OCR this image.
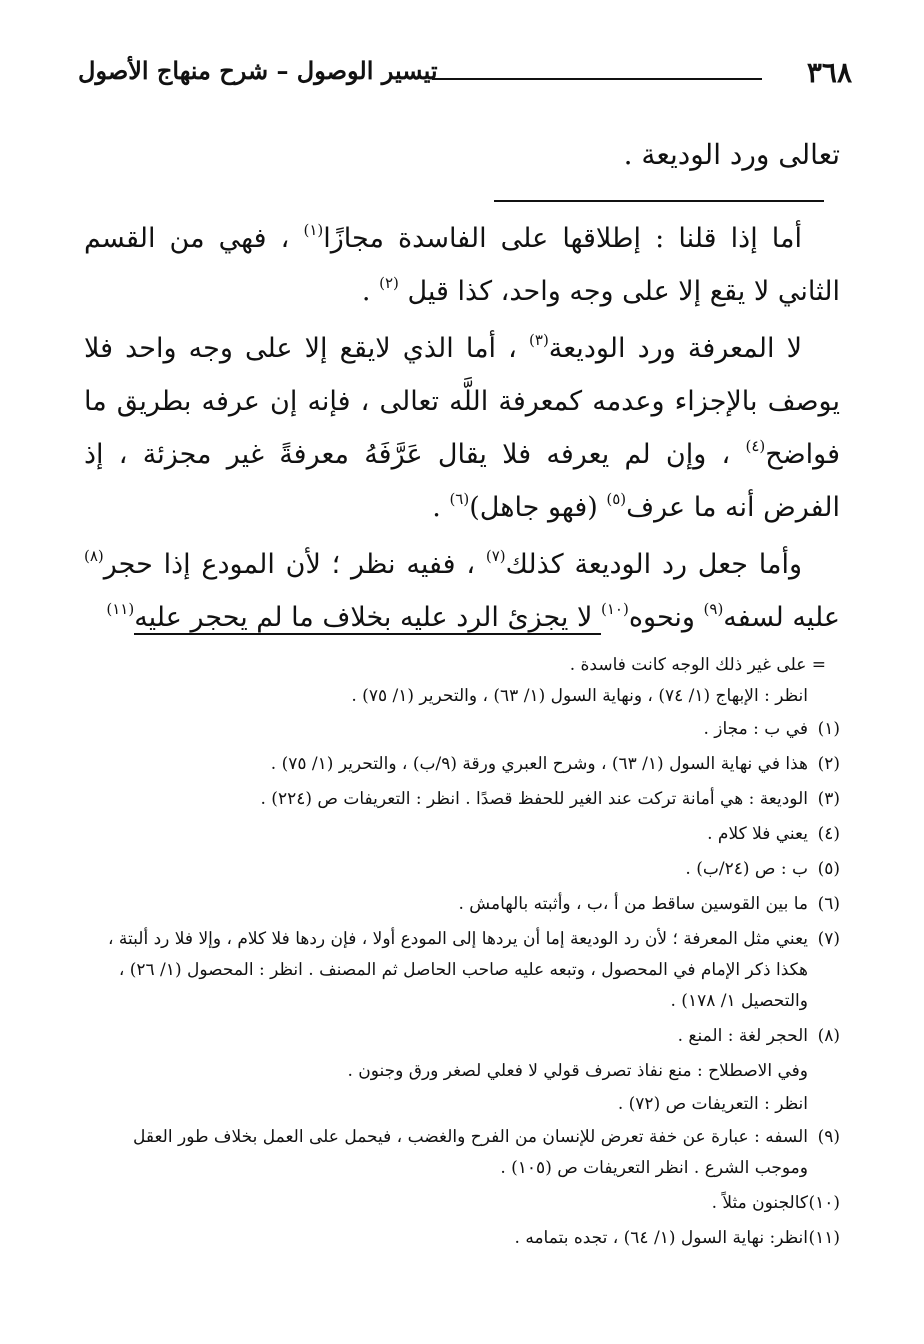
٣٦٨
تيسير الوصول – شرح منهاج الأصول
تعالى ورد الوديعة .

أما إذا قلنا : إطلاقها على الفاسدة مجازًا$^{(١)}$ ، فهي من القسم الثاني لا يقع إلا على وجه واحد، كذا قيل $^{(٢)}$ .

لا المعرفة ورد الوديعة$^{(٣)}$ ، أما الذي لايقع إلا على وجه واحد فلا يوصف بالإجزاء وعدمه كمعرفة اللَّه تعالى ، فإنه إن عرفه بطريق ما فواضح$^{(٤)}$ ، وإن لم يعرفه فلا يقال عَرَّفَهُ معرفةً غير مجزئة ، إذ الفرض أنه ما عرف$^{(٥)}$ (فهو جاهل)$^{(٦)}$ .

وأما جعل رد الوديعة كذلك$^{(٧)}$ ، ففيه نظر ؛ لأن المودع إذا حجر$^{(٨)}$ عليه لسفه$^{(٩)}$ ونحوه$^{(١٠)}$ لا يجزئ الرد عليه بخلاف ما لم يحجر عليه$^{(١١)}$

= على غير ذلك الوجه كانت فاسدة .

انظر : الإبهاج (١/ ٧٤) ، ونهاية السول (١/ ٦٣) ، والتحرير (١/ ٧٥) .

(١)في ب : مجاز .

(٢)هذا في نهاية السول (١/ ٦٣) ، وشرح العبري ورقة (٩/ب) ، والتحرير (١/ ٧٥) .

(٣)الوديعة : هي أمانة تركت عند الغير للحفظ قصدًا . انظر : التعريفات ص (٢٢٤) .

(٤)يعني فلا كلام .

(٥)ب : ص (٢٤/ب) .

(٦)ما بين القوسين ساقط من أ ،ب ، وأثبته بالهامش .

(٧)يعني مثل المعرفة ؛ لأن رد الوديعة إما أن يردها إلى المودع أولا ، فإن ردها فلا كلام ، وإلا فلا رد ألبتة ، هكذا ذكر الإمام في المحصول ، وتبعه عليه صاحب الحاصل ثم المصنف . انظر : المحصول (١/ ٢٦) ، والتحصيل ١/ ١٧٨) .

(٨)الحجر لغة : المنع .

وفي الاصطلاح : منع نفاذ تصرف قولي لا فعلي لصغر ورق وجنون .

انظر : التعريفات ص (٧٢) .

(٩)السفه : عبارة عن خفة تعرض للإنسان من الفرح والغضب ، فيحمل على العمل بخلاف طور العقل وموجب الشرع . انظر التعريفات ص (١٠٥) .

(١٠)كالجنون مثلاً .

(١١)انظر: نهاية السول (١/ ٦٤) ، تجده بتمامه .
